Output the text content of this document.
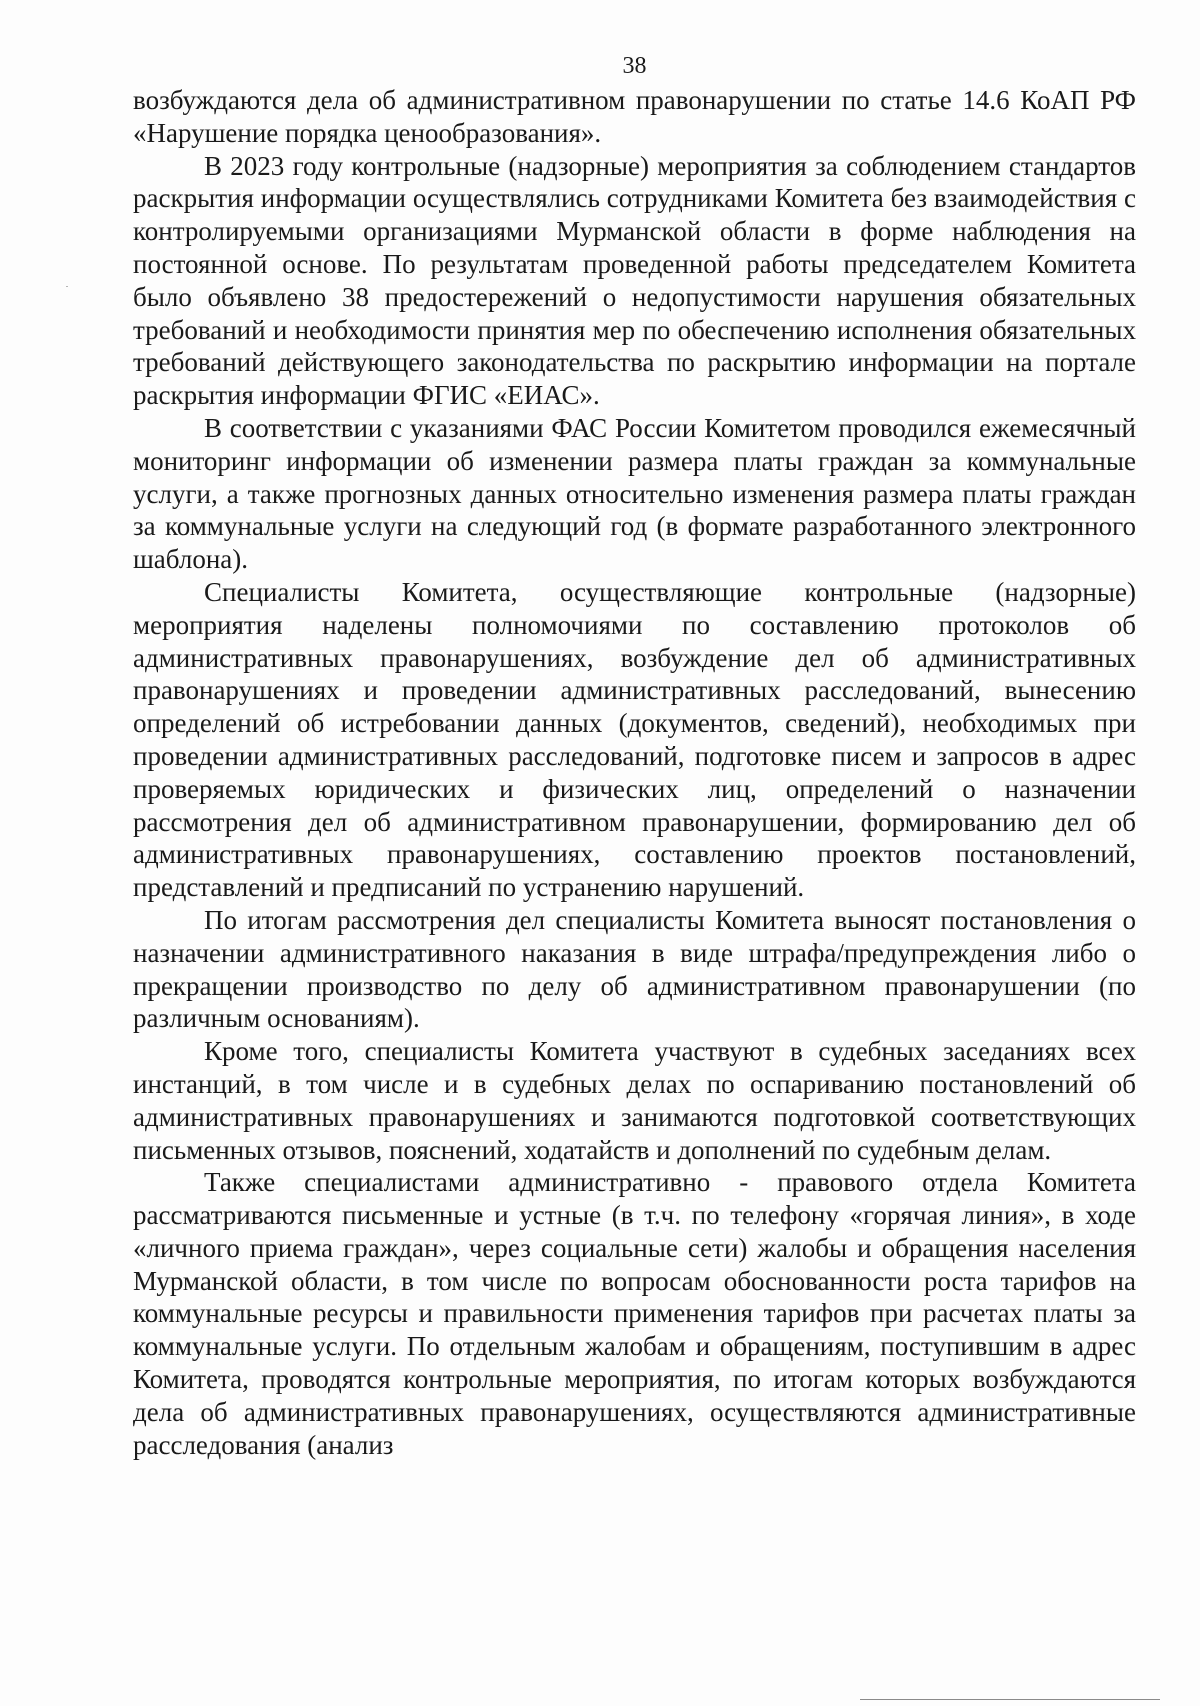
38

возбуждаются дела об административном правонарушении по статье 14.6 КоАП РФ «Нарушение порядка ценообразования».

В 2023 году контрольные (надзорные) мероприятия за соблюдением стандартов раскрытия информации осуществлялись сотрудниками Комитета без взаимодействия с контролируемыми организациями Мурманской области в форме наблюдения на постоянной основе. По результатам проведенной работы председателем Комитета было объявлено 38 предостережений о недопустимости нарушения обязательных требований и необходимости принятия мер по обеспечению исполнения обязательных требований действующего законодательства по раскрытию информации на портале раскрытия информации ФГИС «ЕИАС».

В соответствии с указаниями ФАС России Комитетом проводился ежемесячный мониторинг информации об изменении размера платы граждан за коммунальные услуги, а также прогнозных данных относительно изменения размера платы граждан за коммунальные услуги на следующий год (в формате разработанного электронного шаблона).

Специалисты Комитета, осуществляющие контрольные (надзорные) мероприятия наделены полномочиями по составлению протоколов об административных правонарушениях, возбуждение дел об административных правонарушениях и проведении административных расследований, вынесению определений об истребовании данных (документов, сведений), необходимых при проведении административных расследований, подготовке писем и запросов в адрес проверяемых юридических и физических лиц, определений о назначении рассмотрения дел об административном правонарушении, формированию дел об административных правонарушениях, составлению проектов постановлений, представлений и предписаний по устранению нарушений.

По итогам рассмотрения дел специалисты Комитета выносят постановления о назначении административного наказания в виде штрафа/предупреждения либо о прекращении производство по делу об административном правонарушении (по различным основаниям).

Кроме того, специалисты Комитета участвуют в судебных заседаниях всех инстанций, в том числе и в судебных делах по оспариванию постановлений об административных правонарушениях и занимаются подготовкой соответствующих письменных отзывов, пояснений, ходатайств и дополнений по судебным делам.

Также специалистами административно - правового отдела Комитета рассматриваются письменные и устные (в т.ч. по телефону «горячая линия», в ходе «личного приема граждан», через социальные сети) жалобы и обращения населения Мурманской области, в том числе по вопросам обоснованности роста тарифов на коммунальные ресурсы и правильности применения тарифов при расчетах платы за коммунальные услуги. По отдельным жалобам и обращениям, поступившим в адрес Комитета, проводятся контрольные мероприятия, по итогам которых возбуждаются дела об административных правонарушениях, осуществляются административные расследования (анализ
